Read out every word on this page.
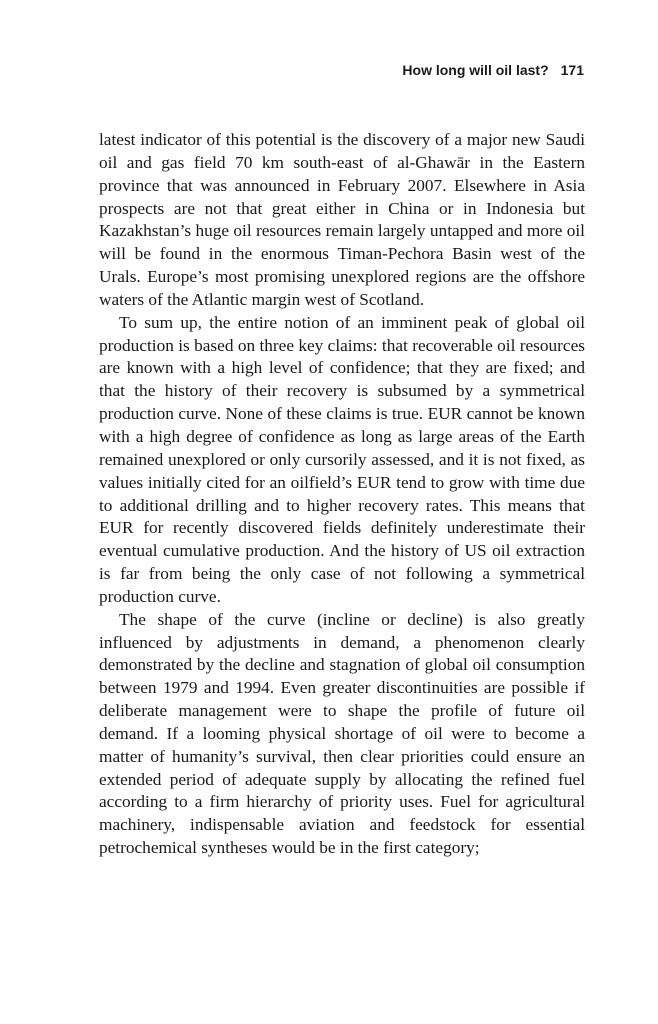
How long will oil last? 171

latest indicator of this potential is the discovery of a major new Saudi oil and gas field 70 km south-east of al-Ghawār in the Eastern province that was announced in February 2007. Elsewhere in Asia prospects are not that great either in China or in Indonesia but Kazakhstan’s huge oil resources remain largely untapped and more oil will be found in the enormous Timan-Pechora Basin west of the Urals. Europe’s most promising unexplored regions are the offshore waters of the Atlantic margin west of Scotland.

To sum up, the entire notion of an imminent peak of global oil production is based on three key claims: that recoverable oil resources are known with a high level of confidence; that they are fixed; and that the history of their recovery is subsumed by a symmetrical production curve. None of these claims is true. EUR cannot be known with a high degree of confidence as long as large areas of the Earth remained unexplored or only cursorily assessed, and it is not fixed, as values initially cited for an oilfield’s EUR tend to grow with time due to additional drilling and to higher recovery rates. This means that EUR for recently discovered fields definitely underestimate their eventual cumulative production. And the history of US oil extraction is far from being the only case of not following a symmetrical production curve.

The shape of the curve (incline or decline) is also greatly influenced by adjustments in demand, a phenomenon clearly demonstrated by the decline and stagnation of global oil consumption between 1979 and 1994. Even greater discontinuities are possible if deliberate management were to shape the profile of future oil demand. If a looming physical shortage of oil were to become a matter of humanity’s survival, then clear priorities could ensure an extended period of adequate supply by allocating the refined fuel according to a firm hierarchy of priority uses. Fuel for agricultural machinery, indispensable aviation and feedstock for essential petrochemical syntheses would be in the first category;
